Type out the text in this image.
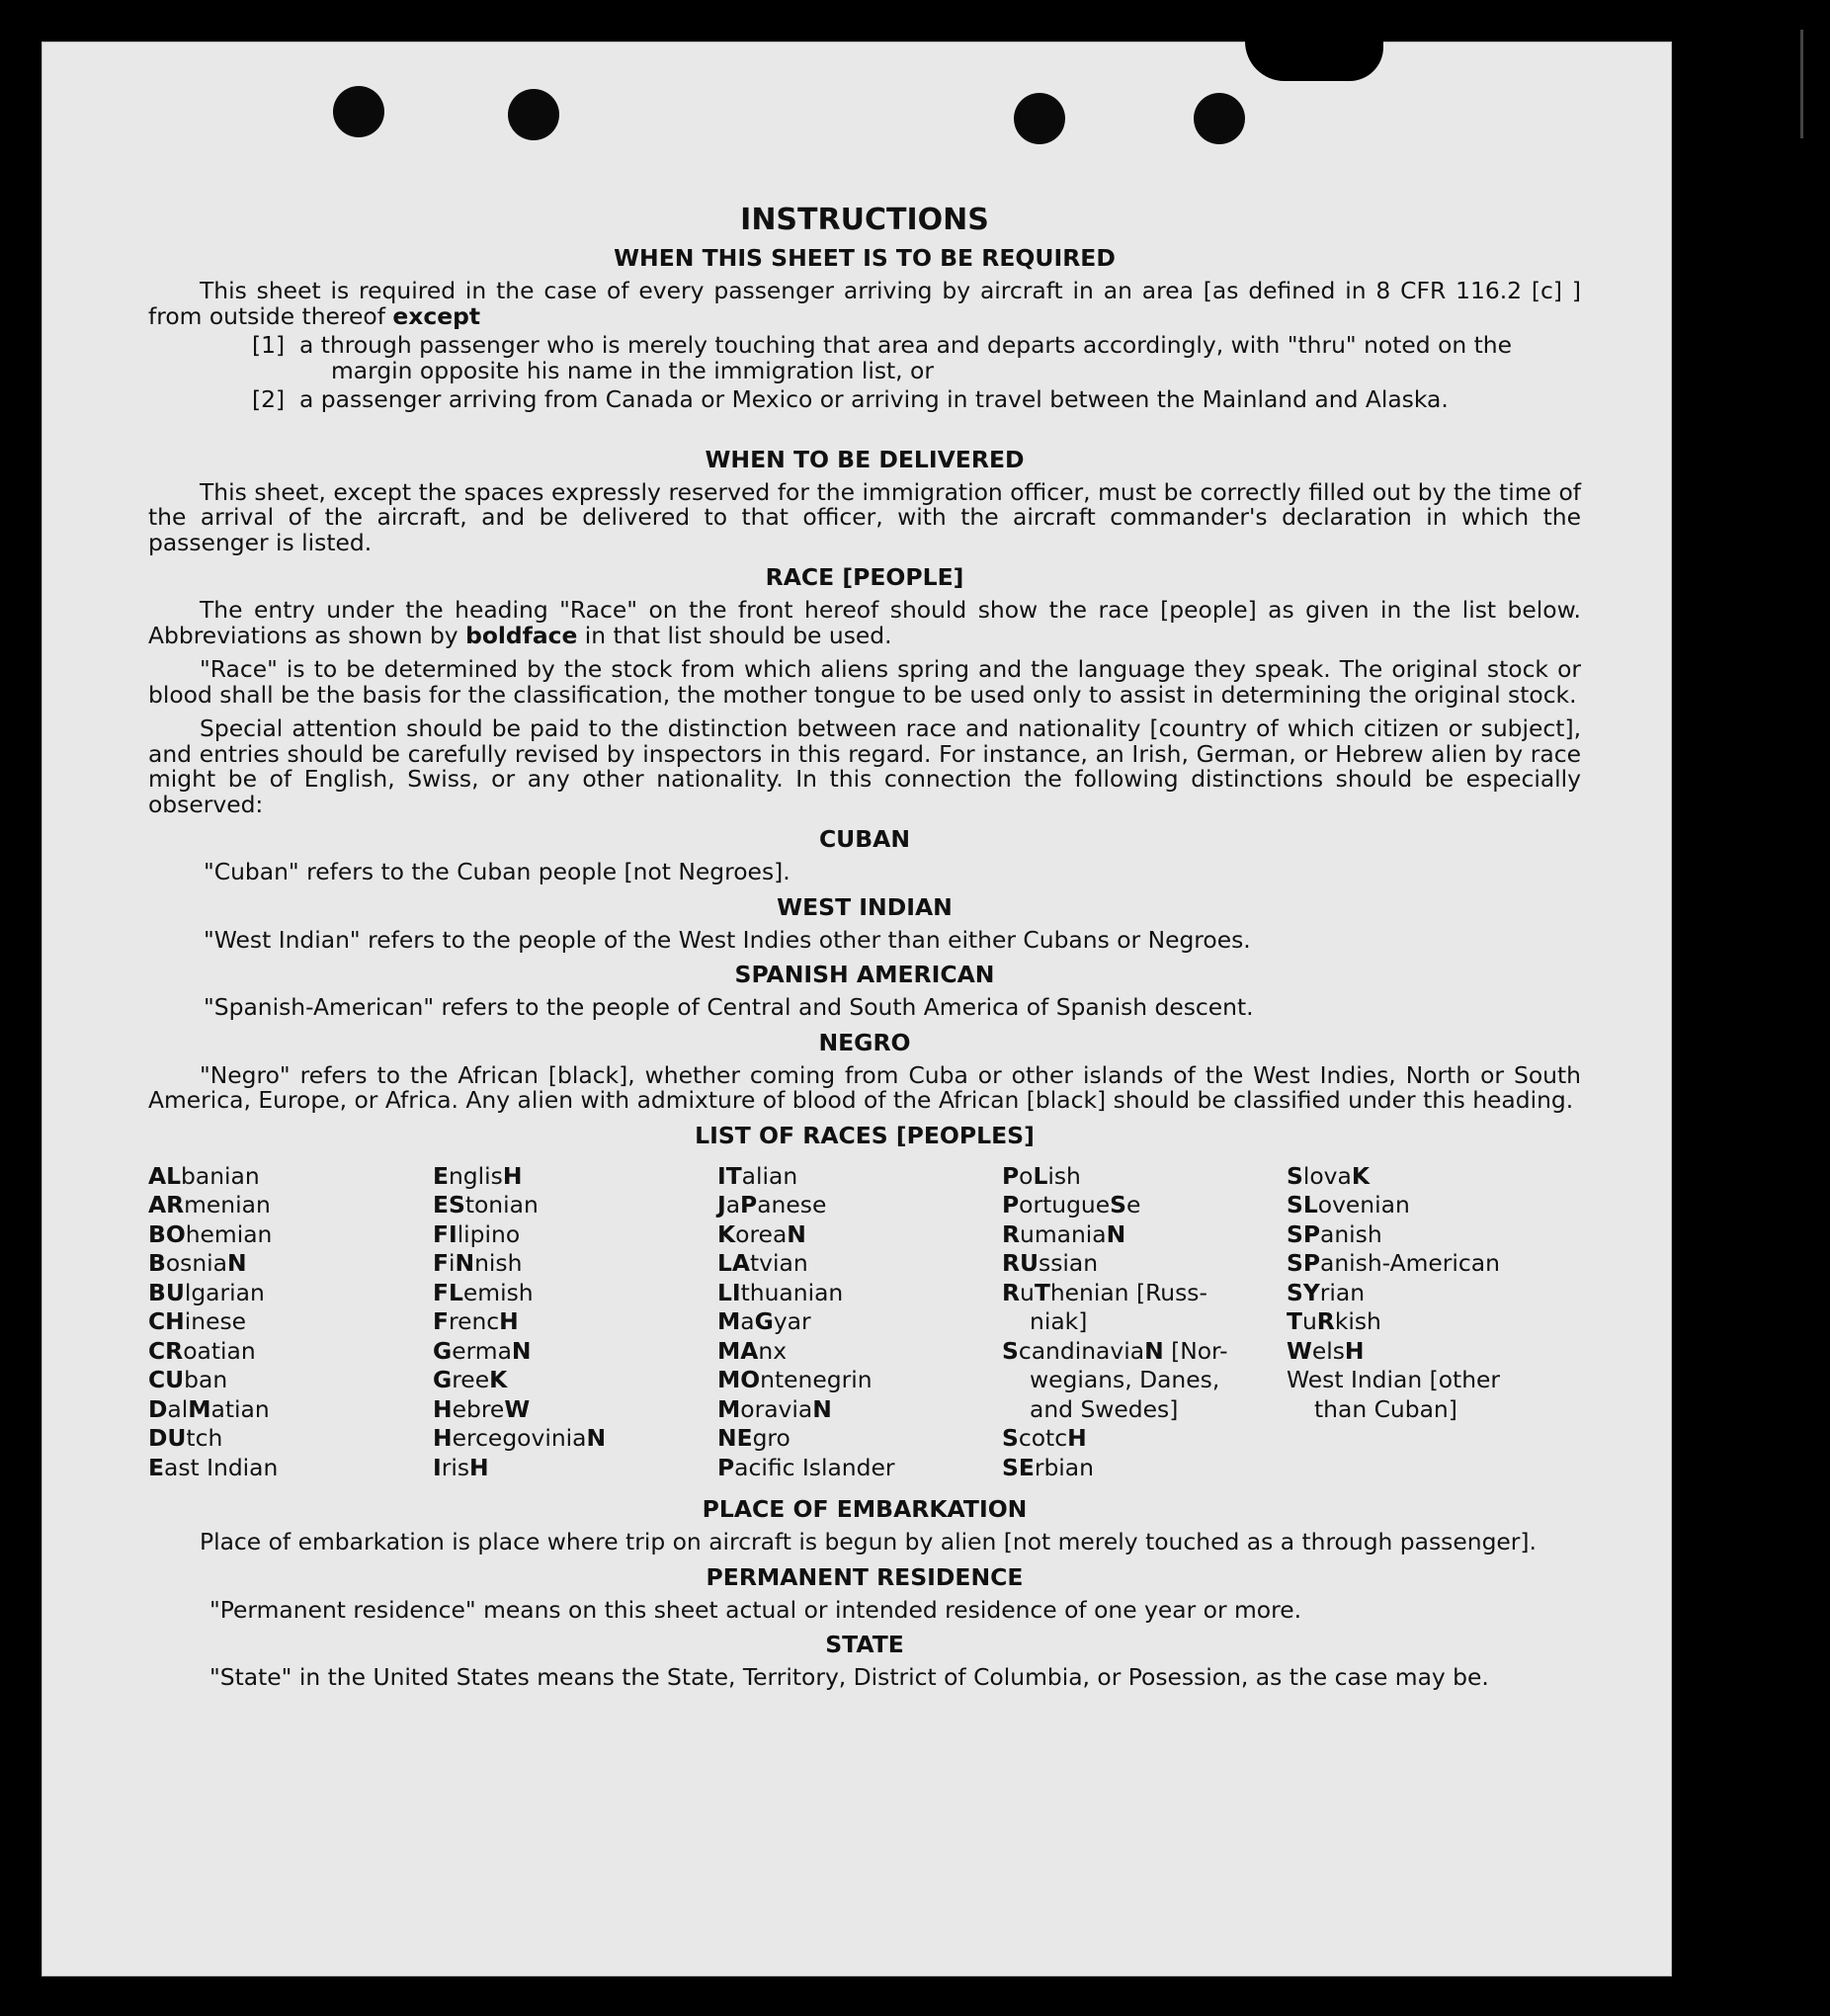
INSTRUCTIONS
WHEN THIS SHEET IS TO BE REQUIRED

This sheet is required in the case of every passenger arriving by aircraft in an area [as defined in 8 CFR 116.2 [c] ] from outside thereof except

[1] a through passenger who is merely touching that area and departs accordingly, with "thru" noted on the
margin opposite his name in the immigration list, or
[2] a passenger arriving from Canada or Mexico or arriving in travel between the Mainland and Alaska.
WHEN TO BE DELIVERED

This sheet, except the spaces expressly reserved for the immigration officer, must be correctly filled out by the time of the arrival of the aircraft, and be delivered to that officer, with the aircraft commander's declaration in which the passenger is listed.

RACE [PEOPLE]

The entry under the heading "Race" on the front hereof should show the race [people] as given in the list below. Abbreviations as shown by boldface in that list should be used.

"Race" is to be determined by the stock from which aliens spring and the language they speak. The original stock or blood shall be the basis for the classification, the mother tongue to be used only to assist in determining the original stock.

Special attention should be paid to the distinction between race and nationality [country of which citizen or subject], and entries should be carefully revised by inspectors in this regard. For instance, an Irish, German, or Hebrew alien by race might be of English, Swiss, or any other nationality. In this connection the following distinctions should be especially observed:

CUBAN

"Cuban" refers to the Cuban people [not Negroes].

WEST INDIAN

"West Indian" refers to the people of the West Indies other than either Cubans or Negroes.

SPANISH AMERICAN

"Spanish-American" refers to the people of Central and South America of Spanish descent.

NEGRO

"Negro" refers to the African [black], whether coming from Cuba or other islands of the West Indies, North or South America, Europe, or Africa. Any alien with admixture of blood of the African [black] should be classified under this heading.

LIST OF RACES [PEOPLES]
ALbanian
ARmenian
BOhemian
BosniaN
BUlgarian
CHinese
CRoatian
CUban
DalMatian
DUtch
East Indian
EnglisH
EStonian
FIlipino
FiNnish
FLemish
FrencH
GermaN
GreeK
HebreW
HercegoviniaN
IrisH
ITalian
JaPanese
KoreaN
LAtvian
LIthuanian
MaGyar
MAnx
MOntenegrin
MoraviaN
NEgro
Pacific Islander
PoLish
PortugueSe
RumaniaN
RUssian
RuThenian [Russ-
niak]
ScandinaviaN [Nor-
wegians, Danes,
and Swedes]
ScotcH
SErbian
SlovaK
SLovenian
SPanish
SPanish-American
SYrian
TuRkish
WelsH
West Indian [other
than Cuban]
PLACE OF EMBARKATION

Place of embarkation is place where trip on aircraft is begun by alien [not merely touched as a through passenger].

PERMANENT RESIDENCE

"Permanent residence" means on this sheet actual or intended residence of one year or more.

STATE

"State" in the United States means the State, Territory, District of Columbia, or Posession, as the case may be.
